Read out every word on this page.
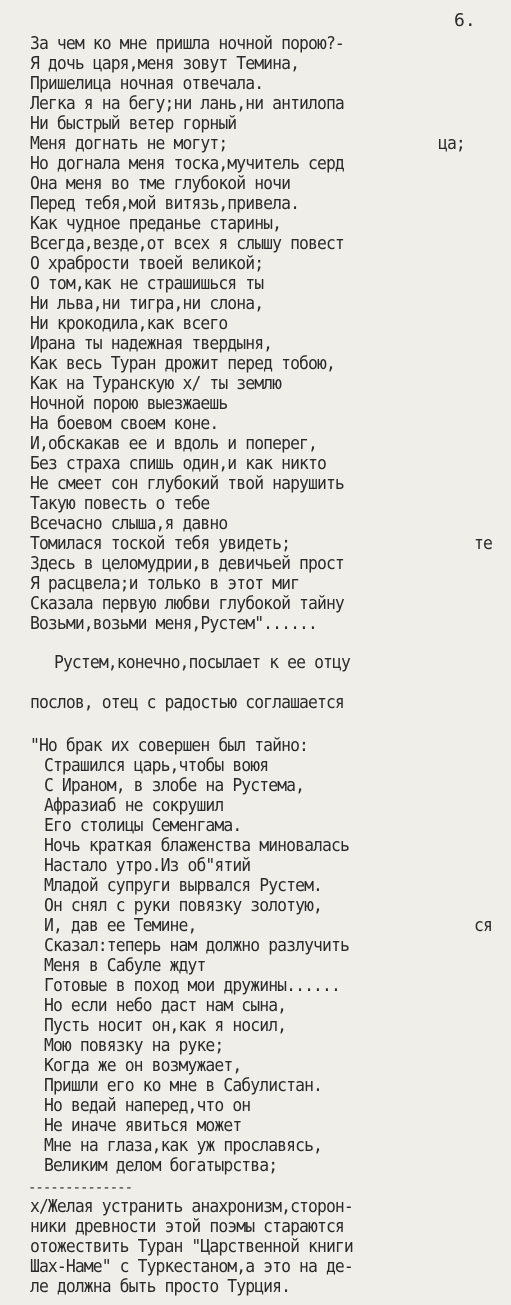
6.
За чем ко мне пришла ночной порою?-
Я дочь царя,меня зовут Темина,
Пришелица ночная отвечала.
Легка я на бегу;ни лань,ни антилопа
Ни быстрый ветер горный
Меня догнать не могут;	ца;
Но догнала меня тоска,мучитель серд
Она меня во тме глубокой ночи
Перед тебя,мой витязь,привела.
Как чудное преданье старины,
Всегда,везде,от всех я слышу повест
О храбрости твоей великой;
О том,как не страшишься ты
Ни льва,ни тигра,ни слона,
Ни крокодила,как всего
Ирана ты надежная твердыня,
Как весь Туран дрожит перед тобою,
Как на Туранскую x/ ты землю
Ночной порою выезжаешь
На боевом своем коне.
И,обскакав ее и вдоль и поперег,
Без страха спишь один,и как никто
Не смеет сон глубокий твой нарушить
Такую повесть о тебе
Всечасно слыша,я давно
Томилася тоской тебя увидеть;	те
Здесь в целомудрии,в девичьей прост
Я расцвела;и только в этот миг
Сказала первую любви глубокой тайну
Возьми,возьми меня,Рустем"......
Рустем,конечно,посылает к ее отцу
послов, отец с радостью соглашается
"Но брак их совершен был тайно:
Страшился царь,чтобы воюя
С Ираном, в злобе на Рустема,
Афразиаб не сокрушил
Его столицы Семенгама.
Ночь краткая блаженства миновалась
Настало утро.Из об"ятий
Младой супруги вырвался Рустем.
Он снял с руки повязку золотую,
И, дав ее Темине,	ся
Сказал:теперь нам должно разлучить
Меня в Сабуле ждут
Готовые в поход мои дружины......
Но если небо даст нам сына,
Пусть носит он,как я носил,
Мою повязку на руке;
Когда же он возмужает,
Пришли его ко мне в Сабулистан.
Но ведай наперед,что он
Не иначе явиться может
Мне на глаза,как уж прославясь,
Великим делом богатырства;
--------------
x/Желая устранить анахронизм,сторон-
ники древности этой поэмы стараются
отожествить Туран "Царственной книги
Шах-Наме" с Туркестаном,а это на де-
ле должна быть просто Турция.
